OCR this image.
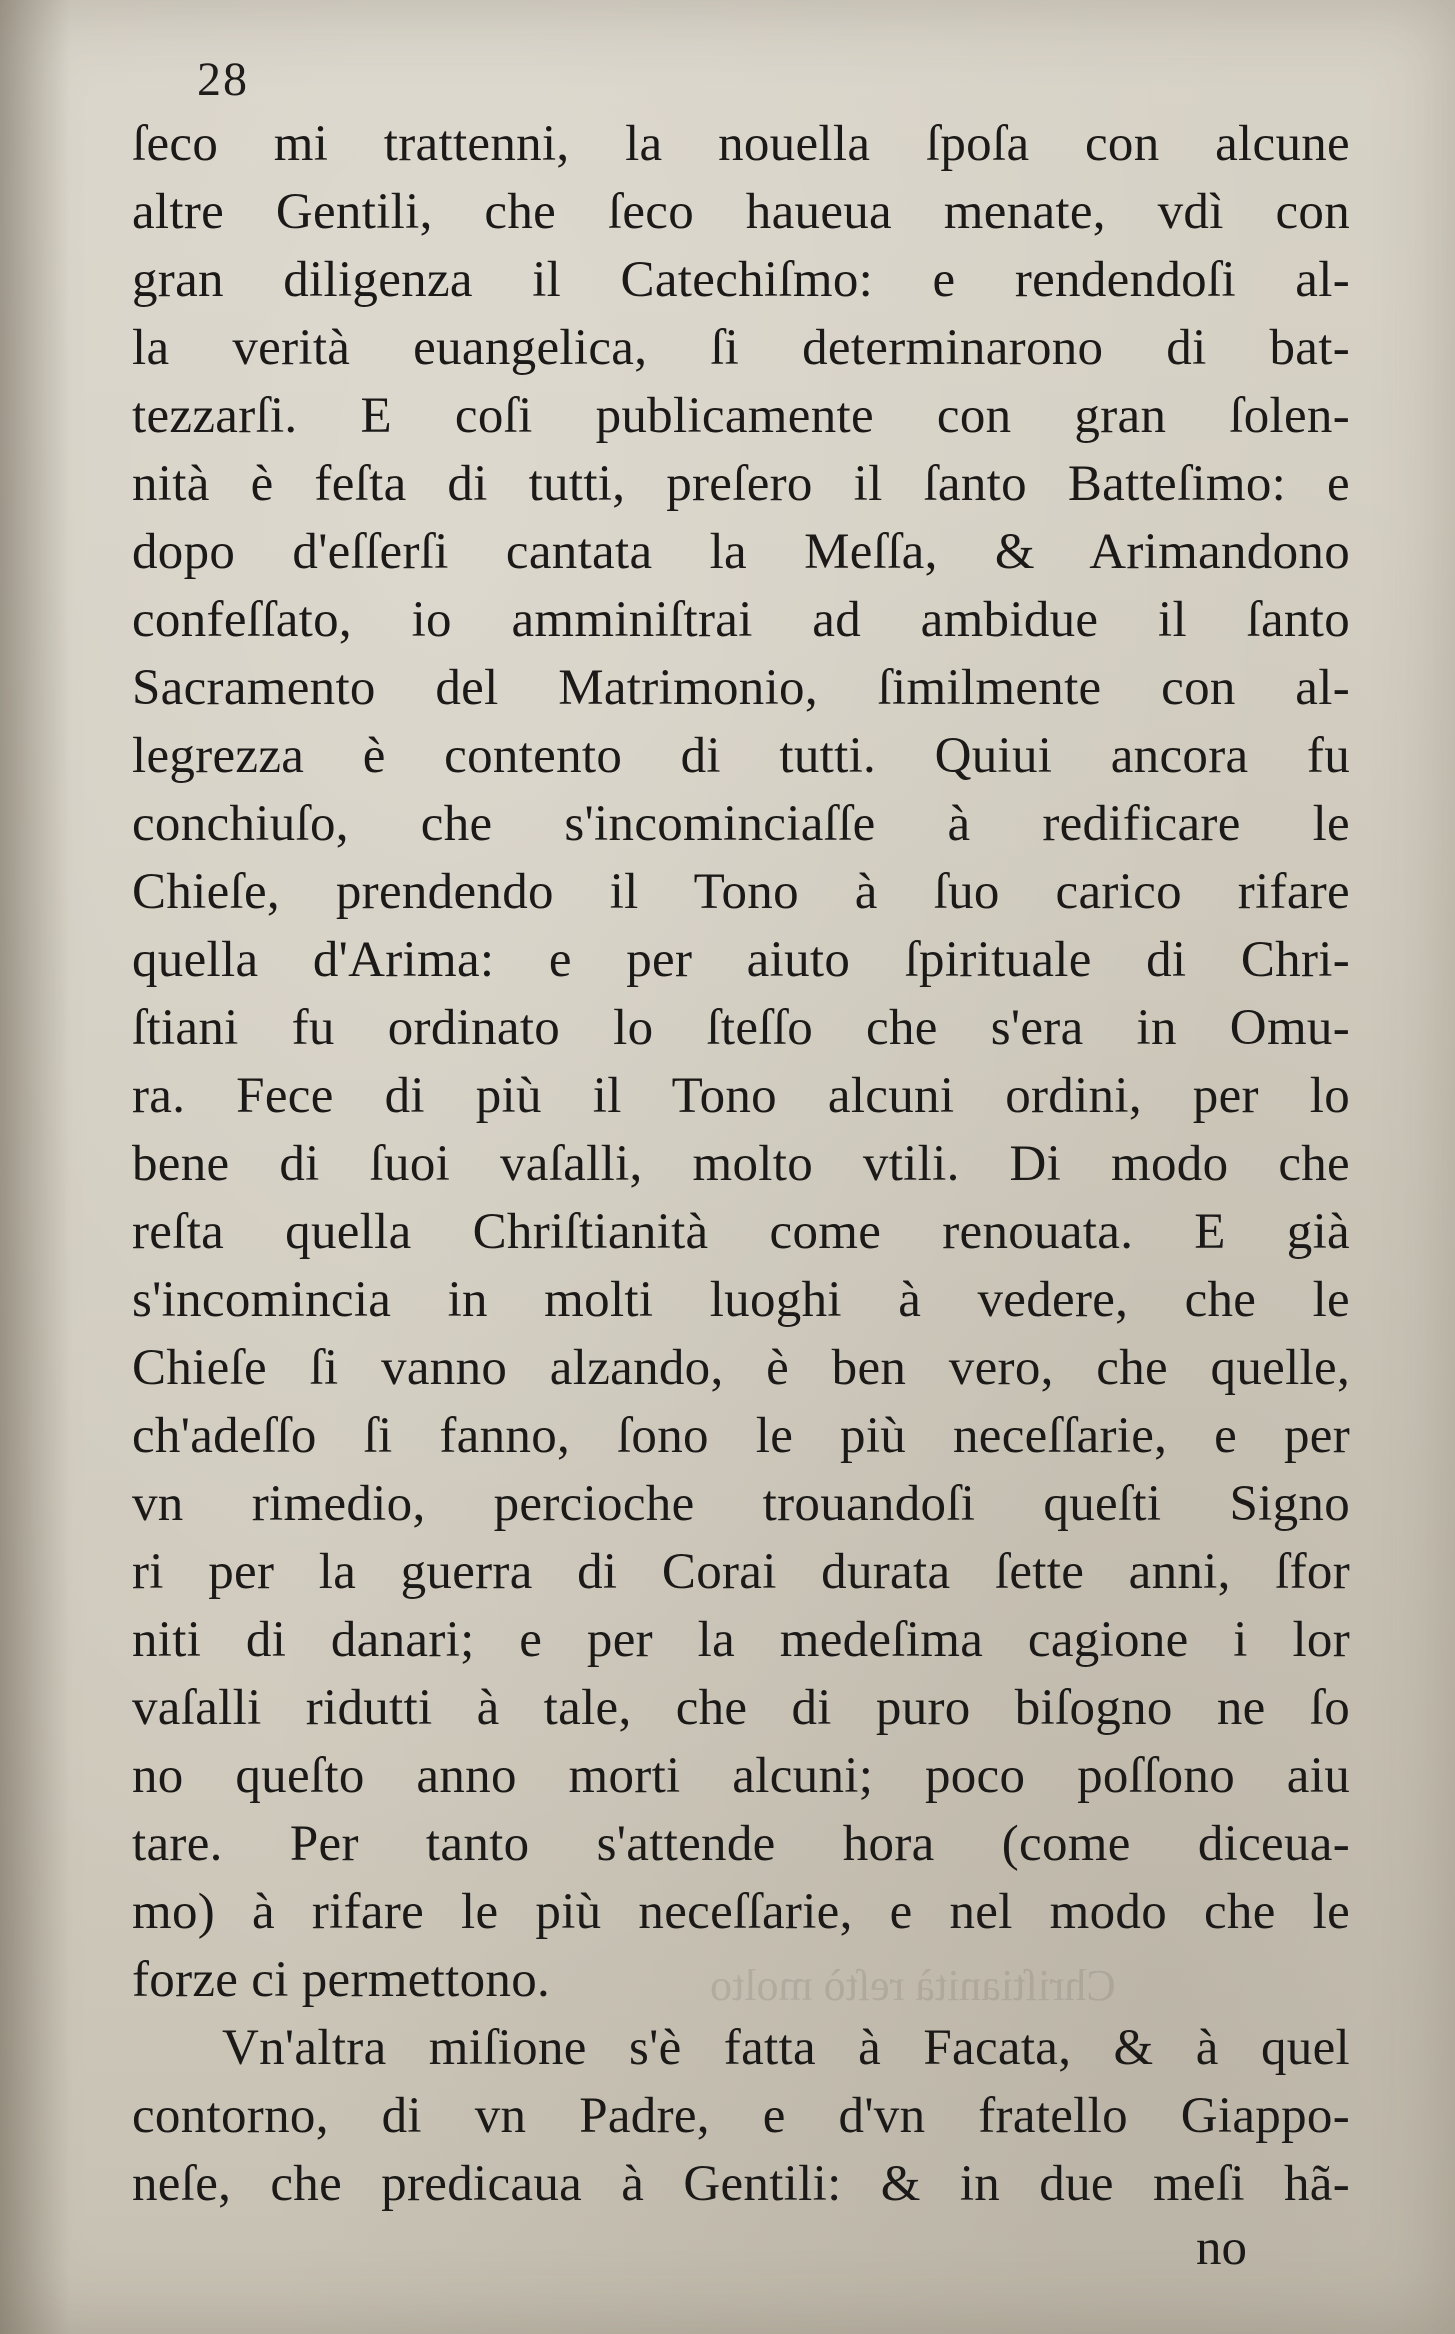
Chriſtianità reſtò molto
28
ſeco mi trattenni, la nouella ſpoſa con alcune
altre Gentili, che ſeco haueua menate, vdì con
gran diligenza il Catechiſmo: e rendendoſi al-
la verità euangelica, ſi determinarono di bat-
tezzarſi. E coſi publicamente con gran ſolen-
nità è feſta di tutti, preſero il ſanto Batteſimo: e
dopo d'eſſerſi cantata la Meſſa, & Arimandono
confeſſato, io amminiſtrai ad ambidue il ſanto
Sacramento del Matrimonio, ſimilmente con al-
legrezza è contento di tutti. Quiui ancora fu
conchiuſo, che s'incominciaſſe à redificare le
Chieſe, prendendo il Tono à ſuo carico rifare
quella d'Arima: e per aiuto ſpirituale di Chri-
ſtiani fu ordinato lo ſteſſo che s'era in Omu-
ra. Fece di più il Tono alcuni ordini, per lo
bene di ſuoi vaſalli, molto vtili. Di modo che
reſta quella Chriſtianità come renouata. E già
s'incomincia in molti luoghi à vedere, che le
Chieſe ſi vanno alzando, è ben vero, che quelle,
ch'adeſſo ſi fanno, ſono le più neceſſarie, e per
vn rimedio, percioche trouandoſi queſti Signo
ri per la guerra di Corai durata ſette anni, ſfor
niti di danari; e per la medeſima cagione i lor
vaſalli ridutti à tale, che di puro biſogno ne ſo
no queſto anno morti alcuni; poco poſſono aiu
tare. Per tanto s'attende hora (come diceua-
mo) à rifare le più neceſſarie, e nel modo che le
forze ci permettono.
Vn'altra miſione s'è fatta à Facata, & à quel
contorno, di vn Padre, e d'vn fratello Giappo-
neſe, che predicaua à Gentili: & in due meſi hã-
no
